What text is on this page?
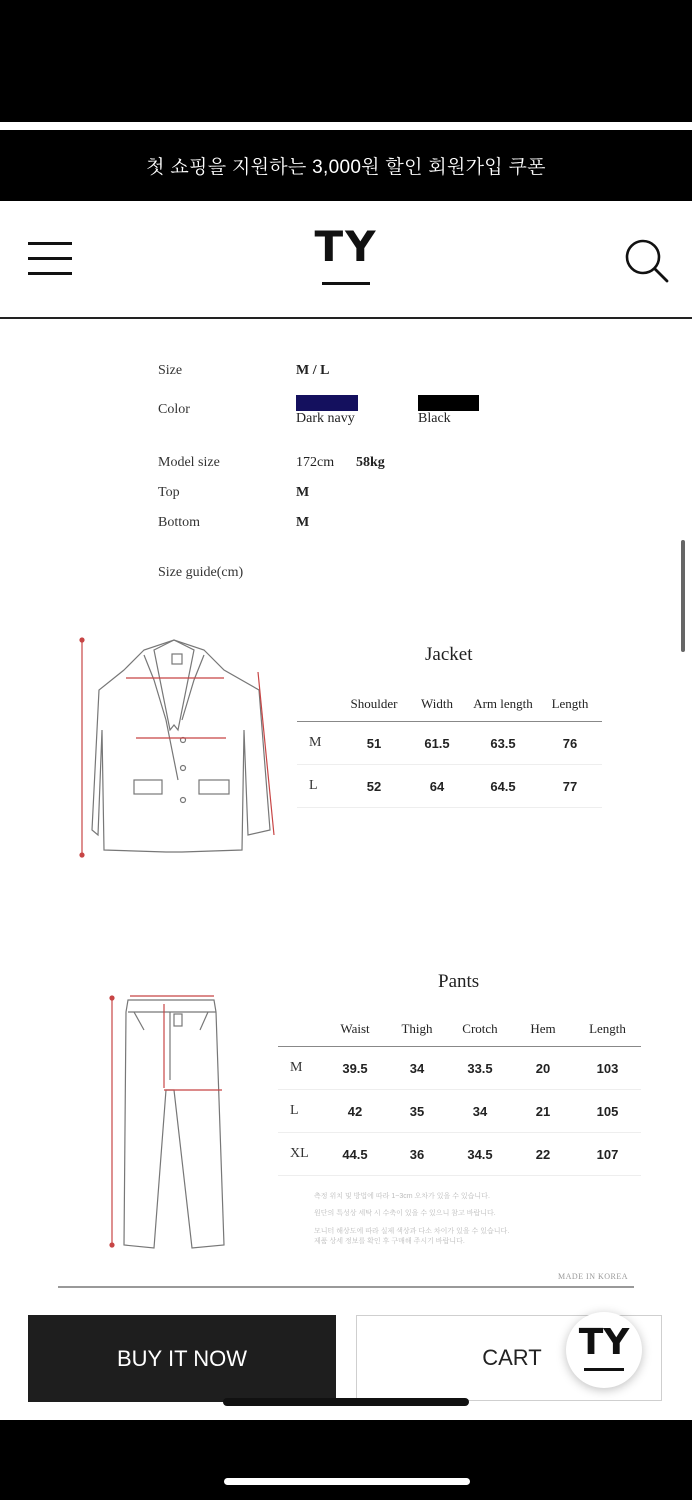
첫 쇼핑을 지원하는 3,000원 할인 회원가입 쿠폰
TY
Size	M / L
Color
Dark navy	Black
Model size	172cm 58kg
Top	M
Bottom	M
Size guide(cm)
Jacket
	Shoulder	Width	Arm length	Length
M	51	61.5	63.5	76
L	52	64	64.5	77
Pants
	Waist	Thigh	Crotch	Hem	Length
M	39.5	34	33.5	20	103
L	42	35	34	21	105
XL	44.5	36	34.5	22	107
측정 위치 및 방법에 따라 1~3cm 오차가 있을 수 있습니다.
원단의 특성상 세탁 시 수축이 있을 수 있으니 참고 바랍니다.
모니터 해상도에 따라 실제 색상과 다소 차이가 있을 수 있습니다.
제품 상세 정보를 확인 후 구매해 주시기 바랍니다.
MADE IN KOREA
BUY IT NOW	CART	TY
